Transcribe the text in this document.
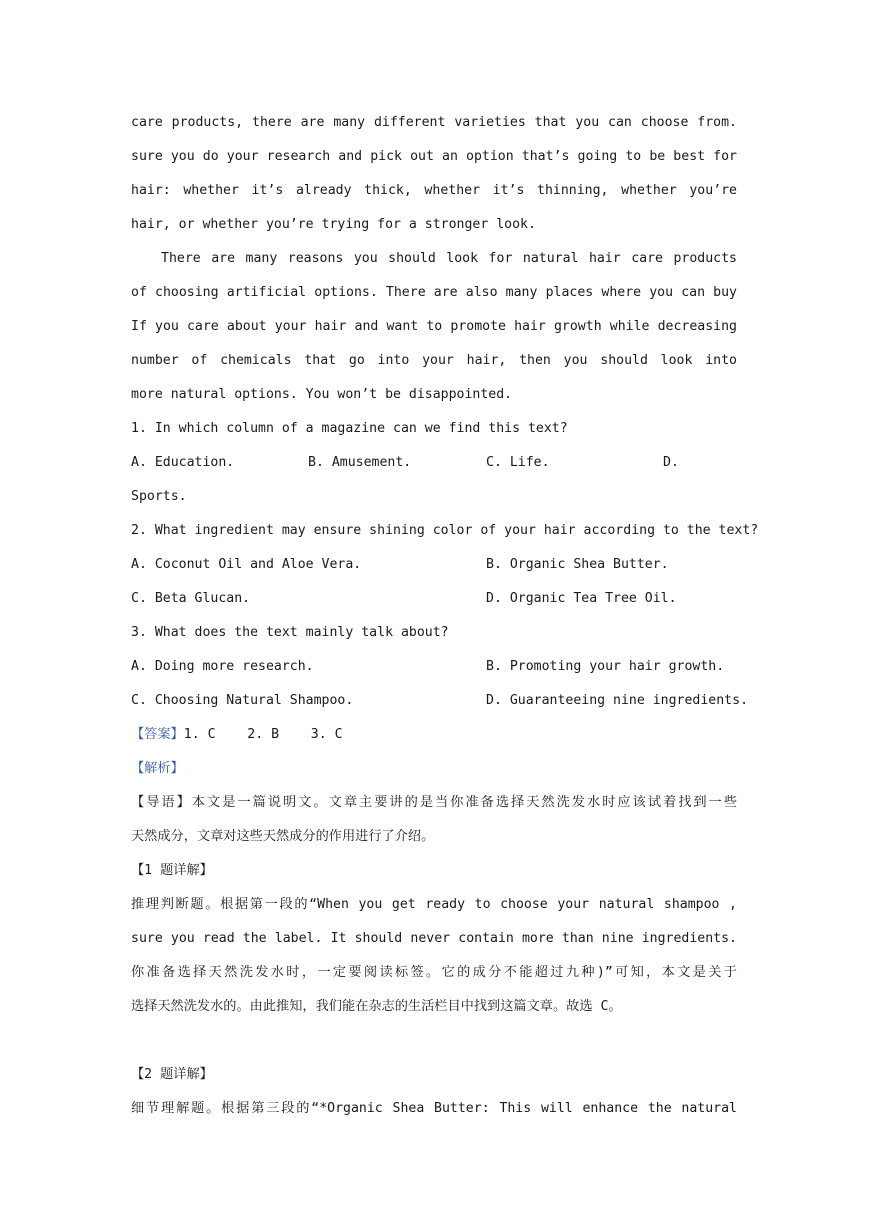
care products, there are many different varieties that you can choose from.
sure you do your research and pick out an option that’s going to be best for
hair: whether it’s already thick, whether it’s thinning, whether you’re
hair, or whether you’re trying for a stronger look.
There are many reasons you should look for natural hair care products
of choosing artificial options. There are also many places where you can buy
If you care about your hair and want to promote hair growth while decreasing
number of chemicals that go into your hair, then you should look into
more natural options. You won’t be disappointed.
1. In which column of a magazine can we find this text?
A. Education.	B. Amusement.	C. Life.	D.
Sports.
2. What ingredient may ensure shining color of your hair according to the text?
A. Coconut Oil and Aloe Vera.	B. Organic Shea Butter.
C. Beta Glucan.	D. Organic Tea Tree Oil.
3. What does the text mainly talk about?
A. Doing more research.	B. Promoting your hair growth.
C. Choosing Natural Shampoo.	D. Guaranteeing nine ingredients.
【答案】1. C    2. B    3. C
【解析】
【导语】本文是一篇说明文。文章主要讲的是当你准备选择天然洗发水时应该试着找到一些
天然成分，文章对这些天然成分的作用进行了介绍。
【1 题详解】
推理判断题。根据第一段的“When you get ready to choose your natural shampoo ,
sure you read the label. It should never contain more than nine ingredients.
你准备选择天然洗发水时，一定要阅读标签。它的成分不能超过九种)”可知，本文是关于
选择天然洗发水的。由此推知，我们能在杂志的生活栏目中找到这篇文章。故选 C。
【2 题详解】
细节理解题。根据第三段的“*Organic Shea Butter: This will enhance the natural
